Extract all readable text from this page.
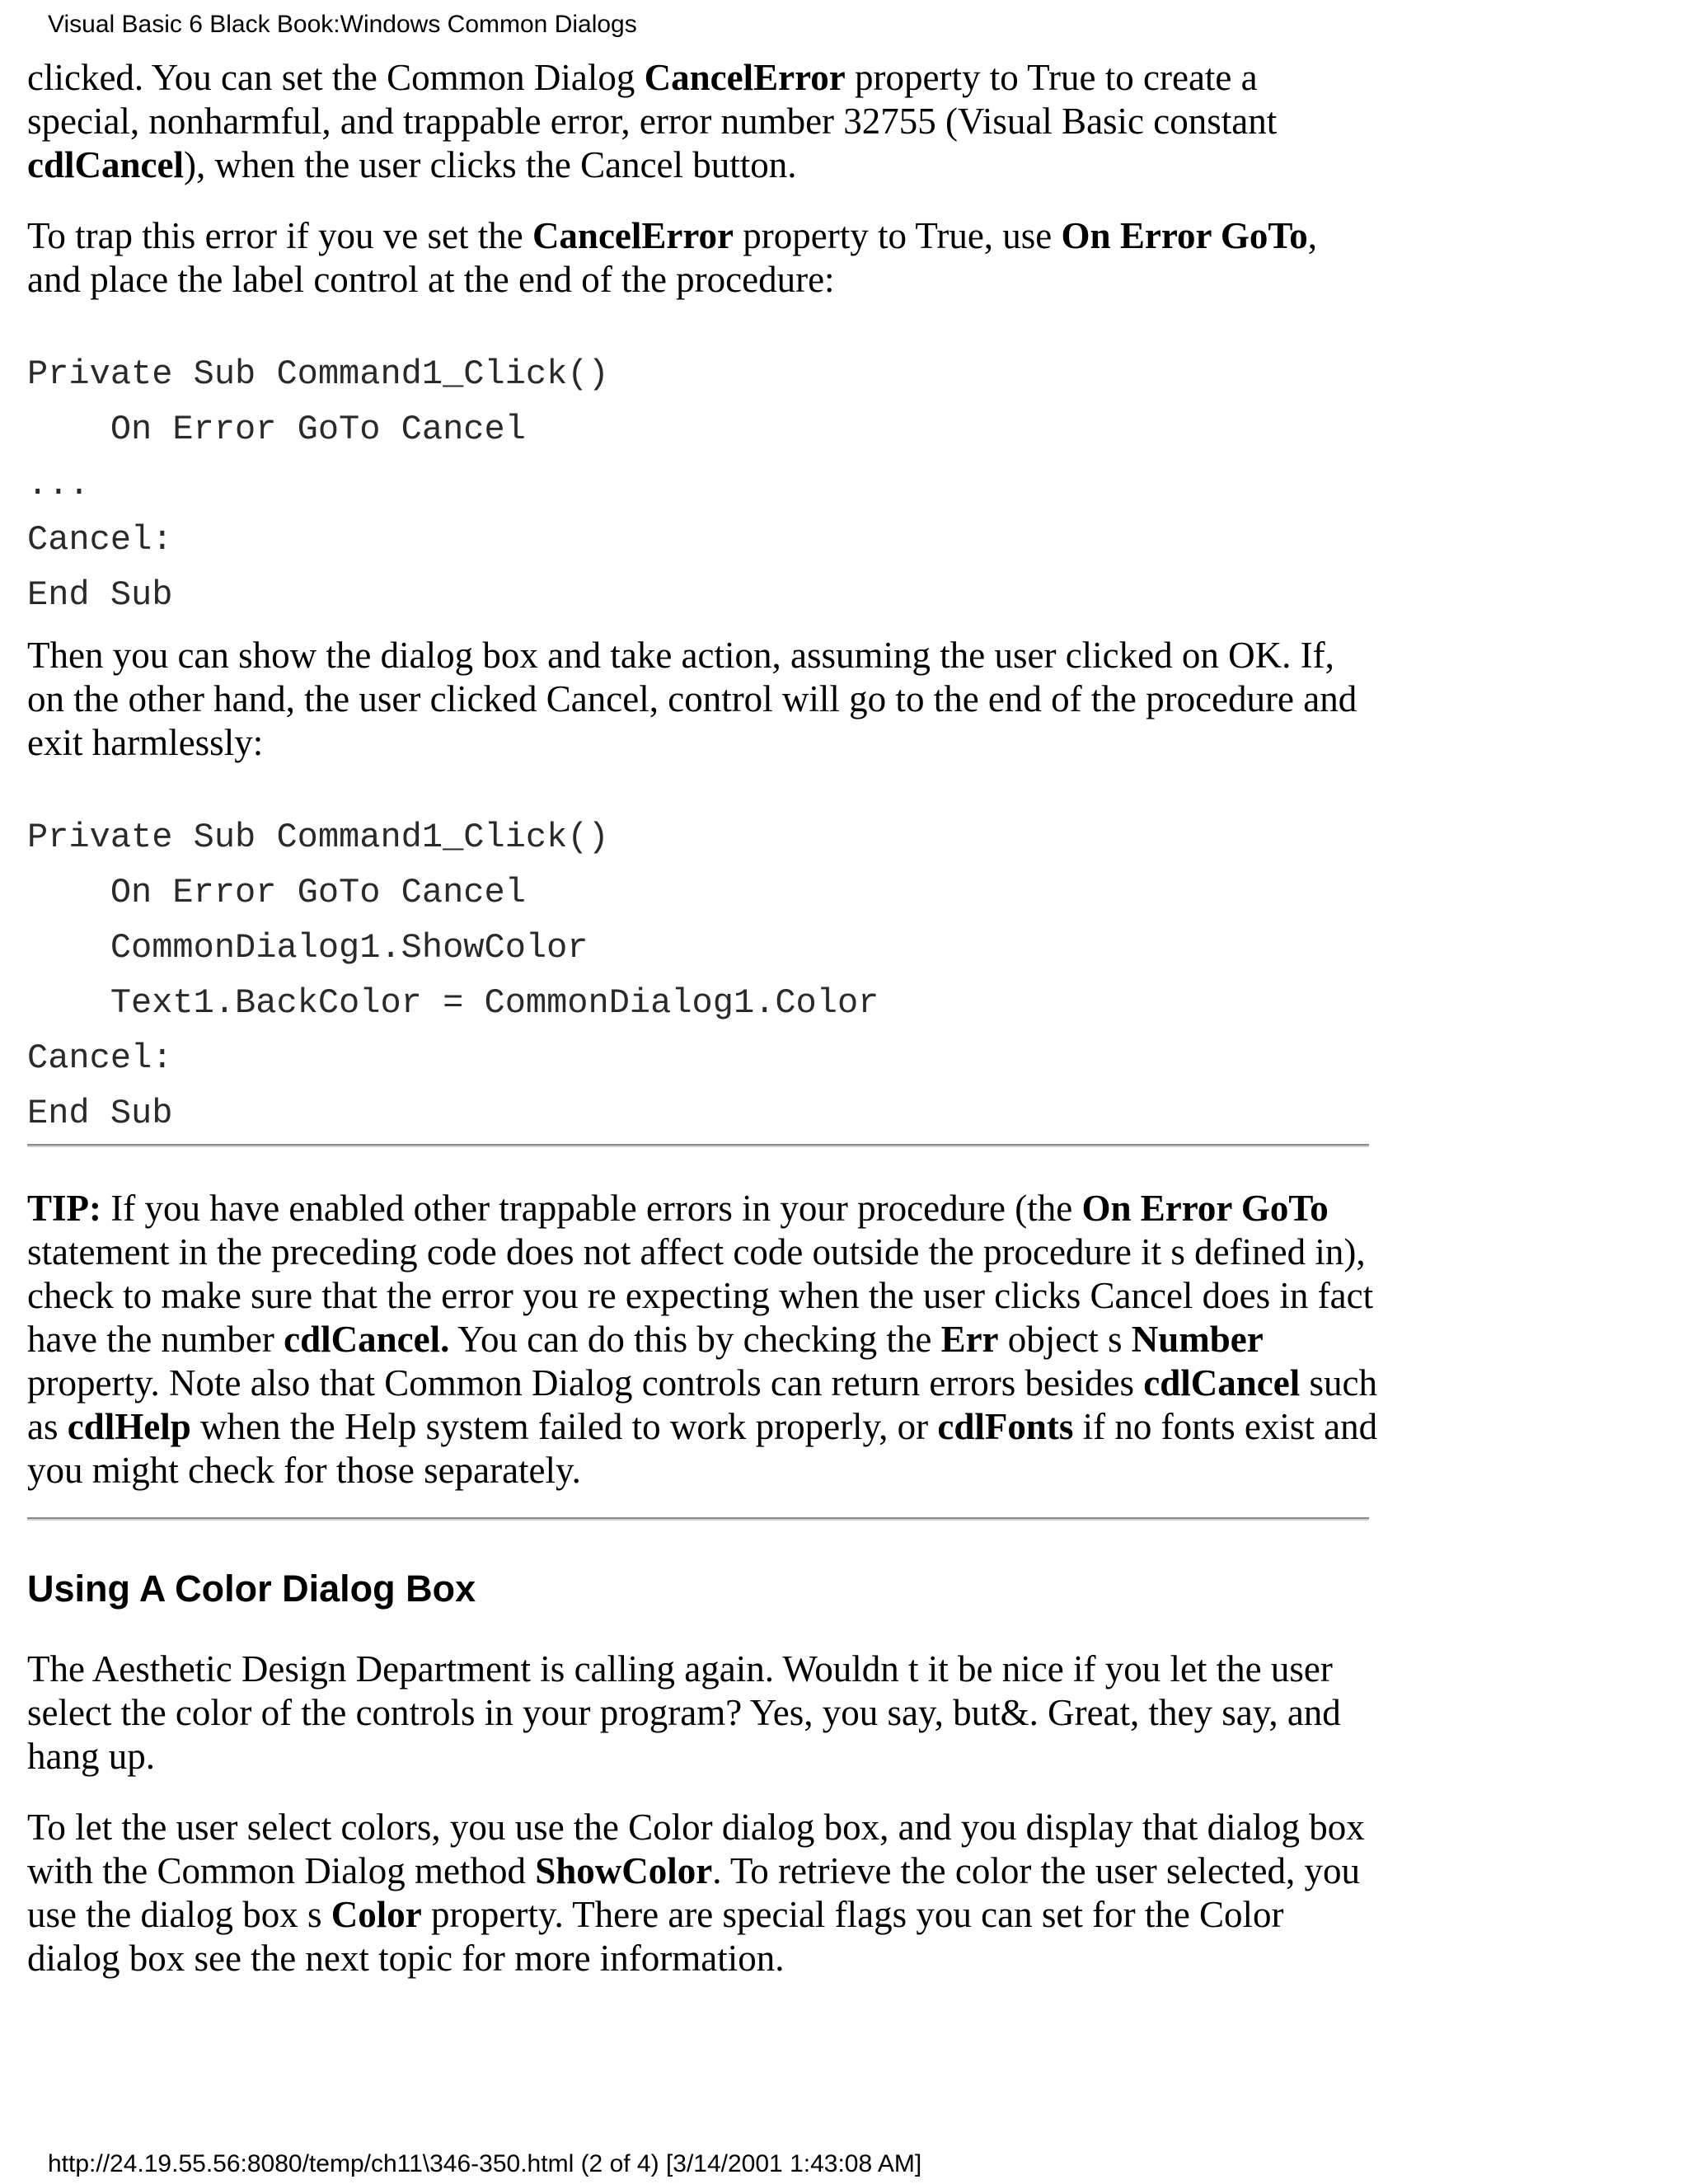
Visual Basic 6 Black Book:Windows Common Dialogs

clicked. You can set the Common Dialog CancelError property to True to create a special, nonharmful, and trappable error, error number 32755 (Visual Basic constant cdlCancel), when the user clicks the Cancel button.

To trap this error if you ve set the CancelError property to True, use On Error GoTo, and place the label control at the end of the procedure:

Private Sub Command1_Click()
On Error GoTo Cancel
...
Cancel:
End Sub

Then you can show the dialog box and take action, assuming the user clicked on OK. If, on the other hand, the user clicked Cancel, control will go to the end of the procedure and exit harmlessly:

Private Sub Command1_Click()
On Error GoTo Cancel
CommonDialog1.ShowColor
Text1.BackColor = CommonDialog1.Color
Cancel:
End Sub

TIP: If you have enabled other trappable errors in your procedure (the On Error GoTo statement in the preceding code does not affect code outside the procedure it s defined in), check to make sure that the error you re expecting when the user clicks Cancel does in fact have the number cdlCancel. You can do this by checking the Err object s Number property. Note also that Common Dialog controls can return errors besides cdlCancel such as cdlHelp when the Help system failed to work properly, or cdlFonts if no fonts exist and you might check for those separately.

Using A Color Dialog Box

The Aesthetic Design Department is calling again. Wouldn t it be nice if you let the user select the color of the controls in your program? Yes, you say, but&. Great, they say, and hang up.

To let the user select colors, you use the Color dialog box, and you display that dialog box with the Common Dialog method ShowColor. To retrieve the color the user selected, you use the dialog box s Color property. There are special flags you can set for the Color dialog box see the next topic for more information.

http://24.19.55.56:8080/temp/ch11\346-350.html (2 of 4) [3/14/2001 1:43:08 AM]
